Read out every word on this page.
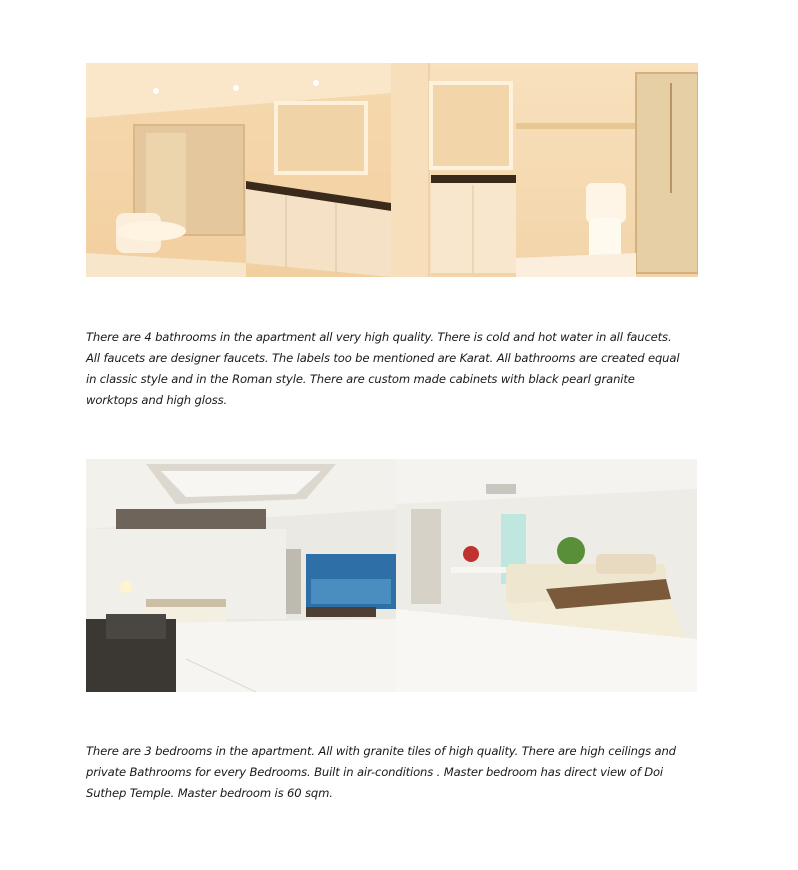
There are 4 bathrooms in the apartment all very high quality. There is cold and hot water in all faucets.
All faucets are designer faucets. The labels too be mentioned are Karat. All bathrooms are created equal
in classic style and in the Roman style. There are custom made cabinets with black pearl granite
worktops and high gloss.

There are 3 bedrooms in the apartment. All with granite tiles of high quality. There are high ceilings and
private Bathrooms for every Bedrooms. Built in air-conditions . Master bedroom has direct view of Doi
Suthep Temple. Master bedroom is 60 sqm.
